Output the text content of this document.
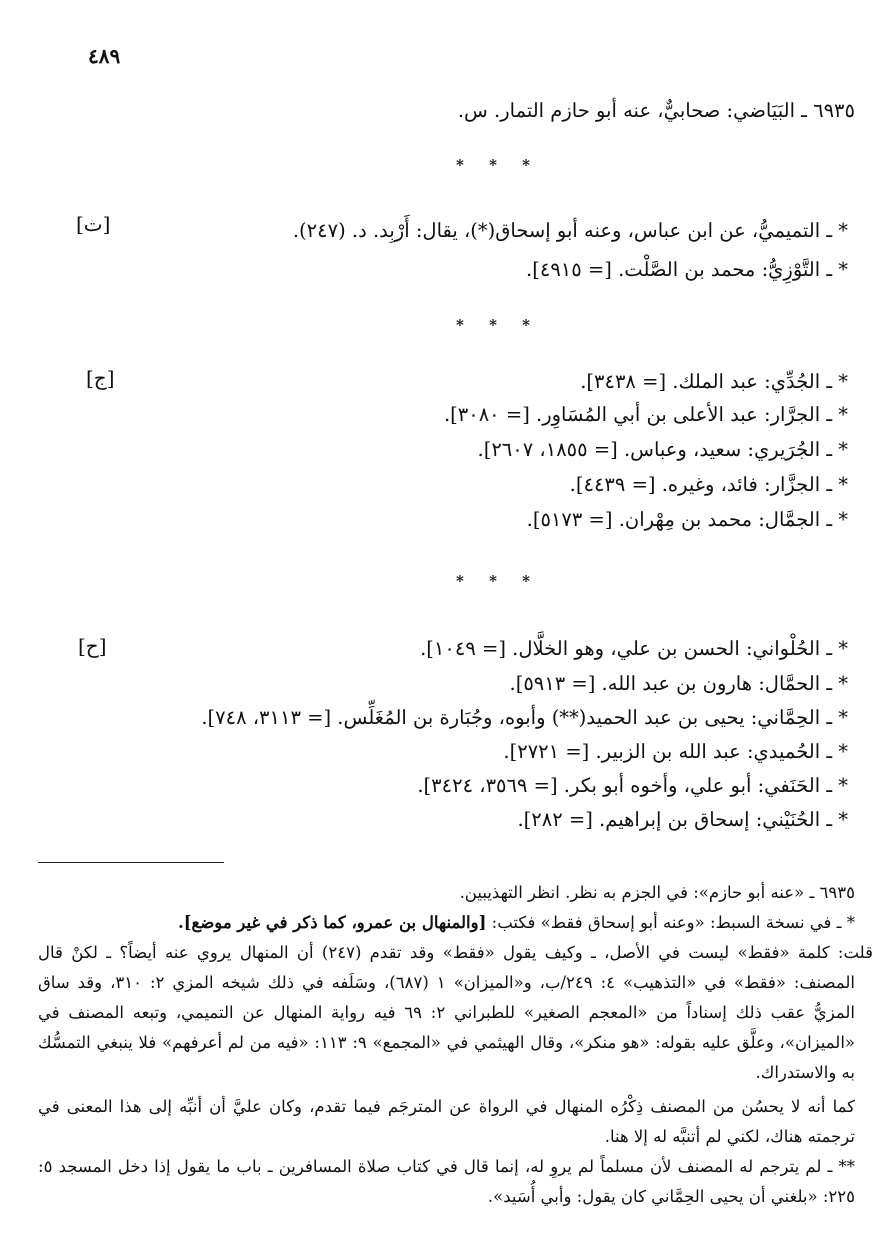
٤٨٩
٦٩٣٥ ـ البَيَاضي: صحابيٌّ، عنه أبو حازم التمار. س.
* * *
[ت]	* ـ التميميُّ، عن ابن عباس، وعنه أبو إسحاق(*)، يقال: أَرْبِد. د. (٢٤٧).
* ـ التَّوْزِيُّ: محمد بن الصَّلْت. [= ٤٩١٥].
* * *
[ج]	* ـ الجُدِّي: عبد الملك. [= ٣٤٣٨].
* ـ الجرَّار: عبد الأعلى بن أبي المُسَاوِر. [= ٣٠٨٠].
* ـ الجُرَيري: سعيد، وعباس. [= ١٨٥٥، ٢٦٠٧].
* ـ الجزَّار: فائد، وغيره. [= ٤٤٣٩].
* ـ الجمَّال: محمد بن مِهْران. [= ٥١٧٣].
* * *
[ح]	* ـ الحُلْواني: الحسن بن علي، وهو الخلَّال. [= ١٠٤٩].
* ـ الحمَّال: هارون بن عبد الله. [= ٥٩١٣].
* ـ الحِمَّاني: يحيى بن عبد الحميد(**) وأبوه، وجُبَارة بن المُغَلِّس. [= ٣١١٣، ٧٤٨].
* ـ الحُميدي: عبد الله بن الزبير. [= ٢٧٢١].
* ـ الحَنَفي: أبو علي، وأخوه أبو بكر. [= ٣٥٦٩، ٣٤٢٤].
* ـ الحُنَيْني: إسحاق بن إبراهيم. [= ٢٨٢].
٦٩٣٥ ـ «عنه أبو حازم»: في الجزم به نظر. انظر التهذيبين.
* ـ في نسخة السبط: «وعنه أبو إسحاق فقط» فكتب: [والمنهال بن عمرو، كما ذكر في غير موضع].
قلت: كلمة «فقط» ليست في الأصل، ـ وكيف يقول «فقط» وقد تقدم (٢٤٧) أن المنهال يروي عنه أيضاً؟ ـ لكنْ قال المصنف: «فقط» في «التذهيب» ٤: ٢٤٩/ب، و«الميزان» ١ (٦٨٧)، وسَلَفه في ذلك شيخه المزي ٢: ٣١٠، وقد ساق المزيُّ عقب ذلك إسناداً من «المعجم الصغير» للطبراني ٢: ٦٩ فيه رواية المنهال عن التميمي، وتبعه المصنف في «الميزان»، وعلَّق عليه بقوله: «هو منكر»، وقال الهيثمي في «المجمع» ٩: ١١٣: «فيه من لم أعرفهم» فلا ينبغي التمسُّك به والاستدراك.
كما أنه لا يحسُن من المصنف ذِكْرُه المنهال في الرواة عن المترجَم فيما تقدم، وكان عليَّ أن أنبِّه إلى هذا المعنى في ترجمته هناك، لكني لم أتنبَّه له إلا هنا.
** ـ لم يترجم له المصنف لأن مسلماً لم يروِ له، إنما قال في كتاب صلاة المسافرين ـ باب ما يقول إذا دخل المسجد ٥: ٢٢٥: «بلغني أن يحيى الحِمَّاني كان يقول: وأبي أُسَيد».
